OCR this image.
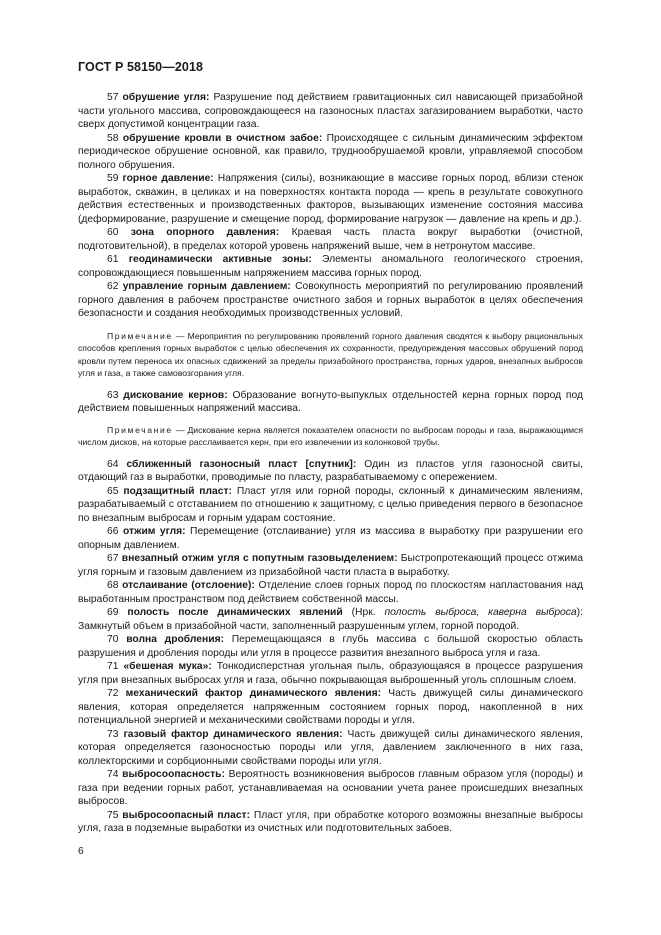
ГОСТ Р 58150—2018

57 обрушение угля: Разрушение под действием гравитационных сил нависающей призабойной части угольного массива, сопровождающееся на газоносных пластах загазированием выработки, часто сверх допустимой концентрации газа.

58 обрушение кровли в очистном забое: Происходящее с сильным динамическим эффектом периодическое обрушение основной, как правило, труднообрушаемой кровли, управляемой способом полного обрушения.

59 горное давление: Напряжения (силы), возникающие в массиве горных пород, вблизи стенок выработок, скважин, в целиках и на поверхностях контакта порода — крепь в результате совокупного действия естественных и производственных факторов, вызывающих изменение состояния массива (деформирование, разрушение и смещение пород, формирование нагрузок — давление на крепь и др.).

60 зона опорного давления: Краевая часть пласта вокруг выработки (очистной, подготовительной), в пределах которой уровень напряжений выше, чем в нетронутом массиве.

61 геодинамически активные зоны: Элементы аномального геологического строения, сопровождающиеся повышенным напряжением массива горных пород.

62 управление горным давлением: Совокупность мероприятий по регулированию проявлений горного давления в рабочем пространстве очистного забоя и горных выработок в целях обеспечения безопасности и создания необходимых производственных условий.

Примечание — Мероприятия по регулированию проявлений горного давления сводятся к выбору рациональных способов крепления горных выработок с целью обеспечения их сохранности, предупреждения массовых обрушений пород кровли путем переноса их опасных сдвижений за пределы призабойного пространства, горных ударов, внезапных выбросов угля и газа, а также самовозгорания угля.

63 дискование кернов: Образование вогнуто-выпуклых отдельностей керна горных пород под действием повышенных напряжений массива.

Примечание — Дискование керна является показателем опасности по выбросам породы и газа, выражающимся числом дисков, на которые расслаивается керн, при его извлечении из колонковой трубы.

64 сближенный газоносный пласт [спутник]: Один из пластов угля газоносной свиты, отдающий газ в выработки, проводимые по пласту, разрабатываемому с опережением.

65 подзащитный пласт: Пласт угля или горной породы, склонный к динамическим явлениям, разрабатываемый с отставанием по отношению к защитному, с целью приведения первого в безопасное по внезапным выбросам и горным ударам состояние.

66 отжим угля: Перемещение (отслаивание) угля из массива в выработку при разрушении его опорным давлением.

67 внезапный отжим угля с попутным газовыделением: Быстропротекающий процесс отжима угля горным и газовым давлением из призабойной части пласта в выработку.

68 отслаивание (отслоение): Отделение слоев горных пород по плоскостям напластования над выработанным пространством под действием собственной массы.

69 полость после динамических явлений (Нрк. полость выброса, каверна выброса): Замкнутый объем в призабойной части, заполненный разрушенным углем, горной породой.

70 волна дробления: Перемещающаяся в глубь массива с большой скоростью область разрушения и дробления породы или угля в процессе развития внезапного выброса угля и газа.

71 «бешеная мука»: Тонкодисперстная угольная пыль, образующаяся в процессе разрушения угля при внезапных выбросах угля и газа, обычно покрывающая выброшенный уголь сплошным слоем.

72 механический фактор динамического явления: Часть движущей силы динамического явления, которая определяется напряженным состоянием горных пород, накопленной в них потенциальной энергией и механическими свойствами породы и угля.

73 газовый фактор динамического явления: Часть движущей силы динамического явления, которая определяется газоносностью породы или угля, давлением заключенного в них газа, коллекторскими и сорбционными свойствами породы или угля.

74 выбросоопасность: Вероятность возникновения выбросов главным образом угля (породы) и газа при ведении горных работ, устанавливаемая на основании учета ранее происшедших внезапных выбросов.

75 выбросоопасный пласт: Пласт угля, при обработке которого возможны внезапные выбросы угля, газа в подземные выработки из очистных или подготовительных забоев.

6
